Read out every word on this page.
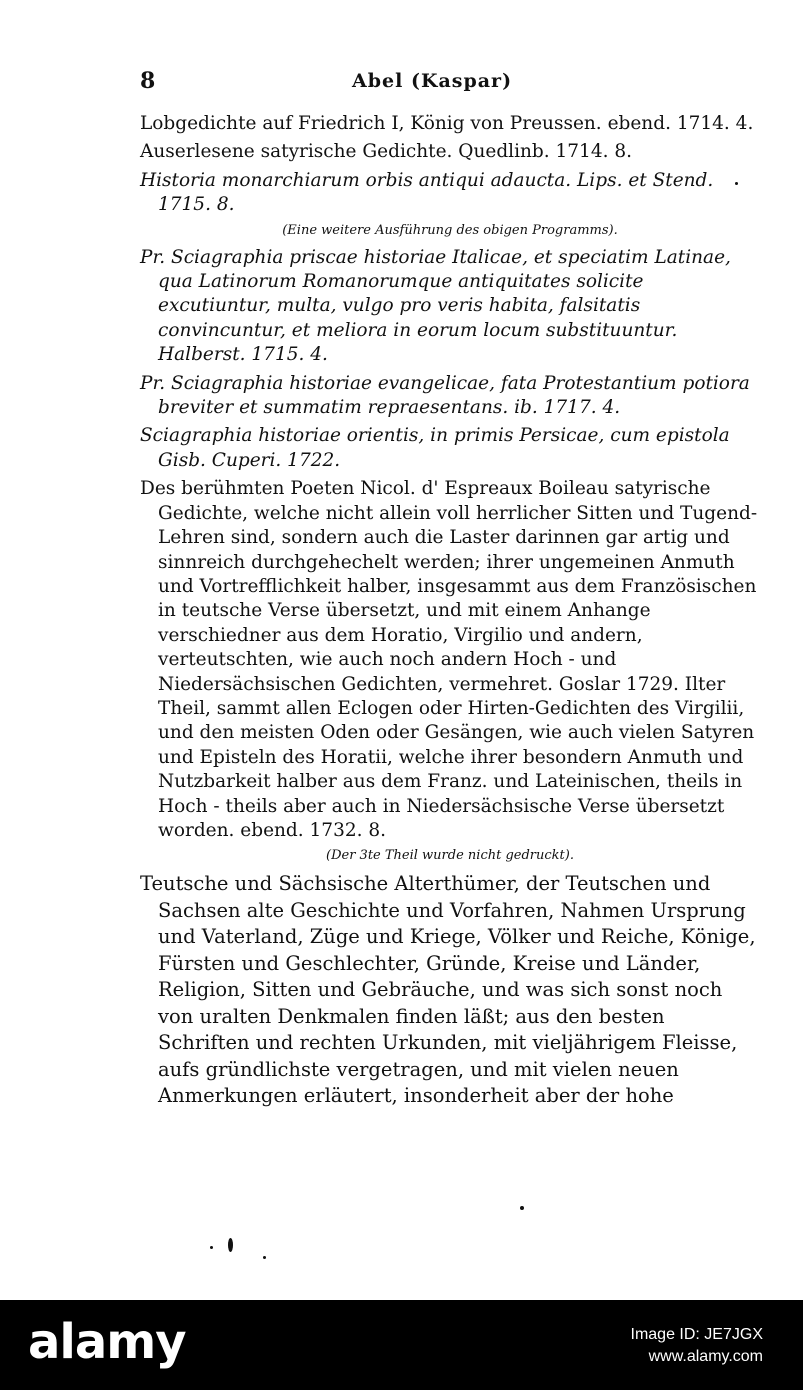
8	Abel (Kaspar)

Lobgedichte auf Friedrich I, König von Preussen. ebend. 1714. 4.

Auserlesene satyrische Gedichte. Quedlinb. 1714. 8.

Historia monarchiarum orbis antiqui adaucta. Lips. et Stend. 1715. 8.

(Eine weitere Ausführung des obigen Programms).

Pr. Sciagraphia priscae historiae Italicae, et speciatim Latinae, qua Latinorum Romanorumque antiquitates solicite excutiuntur, multa, vulgo pro veris habita, falsitatis convincuntur, et meliora in eorum locum substituuntur. Halberst. 1715. 4.

Pr. Sciagraphia historiae evangelicae, fata Protestantium potiora breviter et summatim repraesentans. ib. 1717. 4.

Sciagraphia historiae orientis, in primis Persicae, cum epistola Gisb. Cuperi. 1722.

Des berühmten Poeten Nicol. d' Espreaux Boileau satyrische Gedichte, welche nicht allein voll herrlicher Sitten und Tugend-Lehren sind, sondern auch die Laster darinnen gar artig und sinnreich durchgehechelt werden; ihrer ungemeinen Anmuth und Vortrefflichkeit halber, insgesammt aus dem Französischen in teutsche Verse übersetzt, und mit einem Anhange verschiedner aus dem Horatio, Virgilio und andern, verteutschten, wie auch noch andern Hoch - und Niedersächsischen Gedichten, vermehret. Goslar 1729. Ilter Theil, sammt allen Eclogen oder Hirten-Gedichten des Virgilii, und den meisten Oden oder Gesängen, wie auch vielen Satyren und Episteln des Horatii, welche ihrer besondern Anmuth und Nutzbarkeit halber aus dem Franz. und Lateinischen, theils in Hoch - theils aber auch in Niedersächsische Verse übersetzt worden. ebend. 1732. 8.

(Der 3te Theil wurde nicht gedruckt).

Teutsche und Sächsische Alterthümer, der Teutschen und Sachsen alte Geschichte und Vorfahren, Nahmen Ursprung und Vaterland, Züge und Kriege, Völker und Reiche, Könige, Fürsten und Geschlechter, Gründe, Kreise und Länder, Religion, Sitten und Gebräuche, und was sich sonst noch von uralten Denkmalen finden läßt; aus den besten Schriften und rechten Urkunden, mit vieljährigem Fleisse, aufs gründlichste vergetragen, und mit vielen neuen Anmerkungen erläutert, insonderheit aber der hohe

alamy	Image ID: JE7JGX
www.alamy.com
